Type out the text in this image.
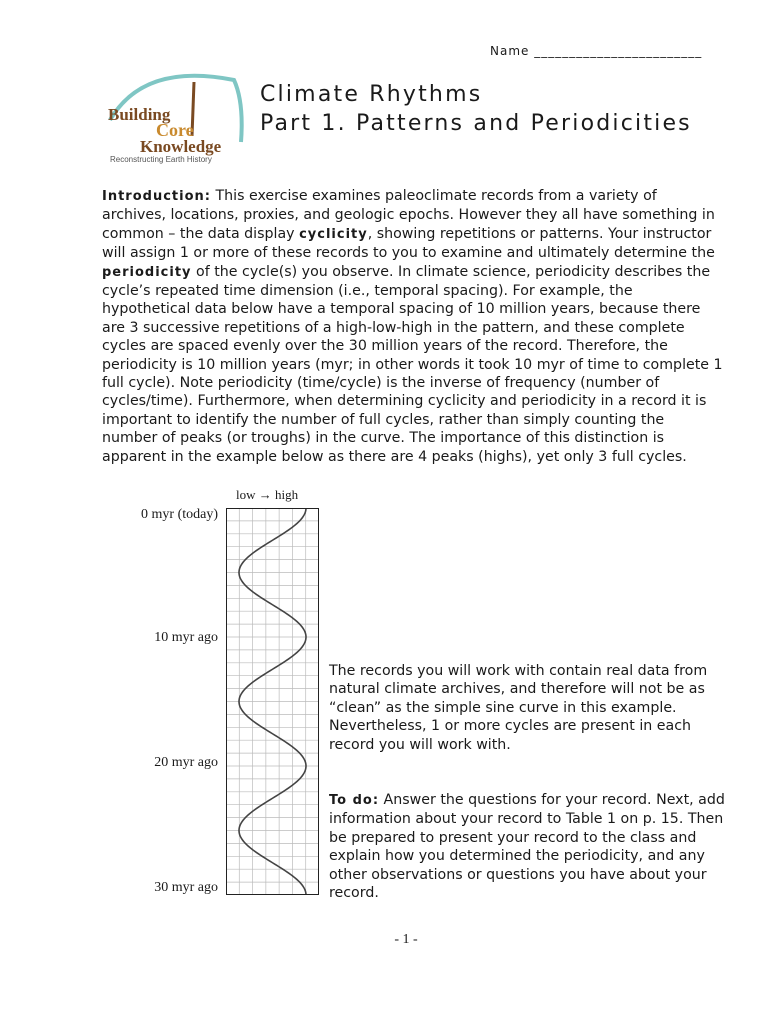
Name ________________________
Building
Core
Knowledge
Reconstructing Earth History
Climate Rhythms
Part 1. Patterns and Periodicities

Introduction: This exercise examines paleoclimate records from a variety of archives, locations, proxies, and geologic epochs. However they all have something in common – the data display cyclicity, showing repetitions or patterns. Your instructor will assign 1 or more of these records to you to examine and ultimately determine the periodicity of the cycle(s) you observe. In climate science, periodicity describes the cycle’s repeated time dimension (i.e., temporal spacing). For example, the hypothetical data below have a temporal spacing of 10 million years, because there are 3 successive repetitions of a high-low-high in the pattern, and these complete cycles are spaced evenly over the 30 million years of the record. Therefore, the periodicity is 10 million years (myr; in other words it took 10 myr of time to complete 1 full cycle). Note periodicity (time/cycle) is the inverse of frequency (number of cycles/time). Furthermore, when determining cyclicity and periodicity in a record it is important to identify the number of full cycles, rather than simply counting the number of peaks (or troughs) in the curve. The importance of this distinction is apparent in the example below as there are 4 peaks (highs), yet only 3 full cycles.

low → high
0 myr (today)
10 myr ago
20 myr ago
30 myr ago

The records you will work with contain real data from natural climate archives, and therefore will not be as “clean” as the simple sine curve in this example. Nevertheless, 1 or more cycles are present in each record you will work with.

To do: Answer the questions for your record. Next, add information about your record to Table 1 on p. 15. Then be prepared to present your record to the class and explain how you determined the periodicity, and any other observations or questions you have about your record.

- 1 -
